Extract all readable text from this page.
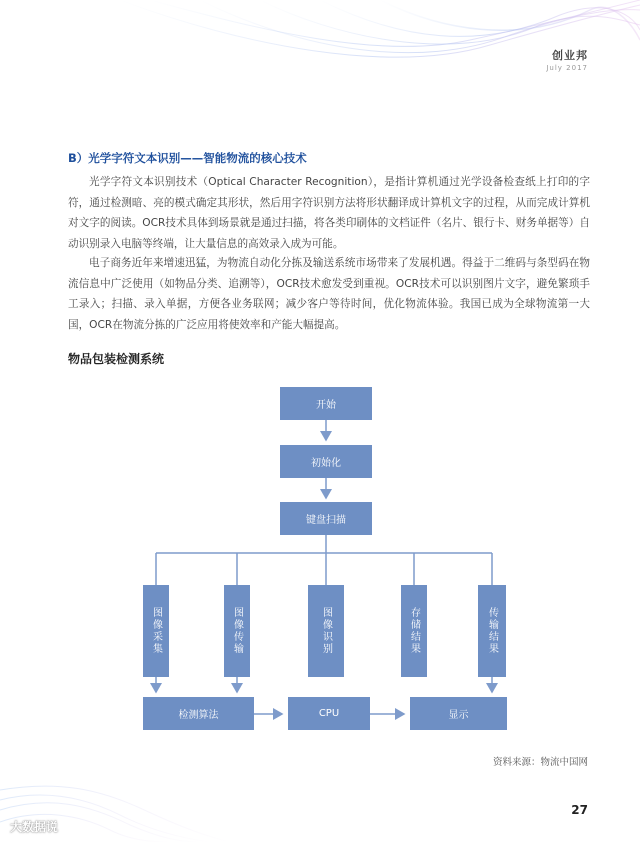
创业邦
July 2017
B）光学字符文本识别——智能物流的核心技术

光学字符文本识别技术（Optical Character Recognition），是指计算机通过光学设备检查纸上打印的字符，通过检测暗、亮的模式确定其形状，然后用字符识别方法将形状翻译成计算机文字的过程，从而完成计算机对文字的阅读。OCR技术具体到场景就是通过扫描，将各类印刷体的文档证件（名片、银行卡、财务单据等）自动识别录入电脑等终端，让大量信息的高效录入成为可能。

电子商务近年来增速迅猛，为物流自动化分拣及输送系统市场带来了发展机遇。得益于二维码与条型码在物流信息中广泛使用（如物品分类、追溯等），OCR技术愈发受到重视。OCR技术可以识别图片文字，避免繁琐手工录入；扫描、录入单据，方便各业务联网；减少客户等待时间，优化物流体验。我国已成为全球物流第一大国，OCR在物流分拣的广泛应用将使效率和产能大幅提高。

物品包装检测系统
开始
初始化
键盘扫描
图像采集	图像传输	图像识别	存储结果	传输结果
检测算法	CPU	显示
资料来源：物流中国网
27
大数据说
